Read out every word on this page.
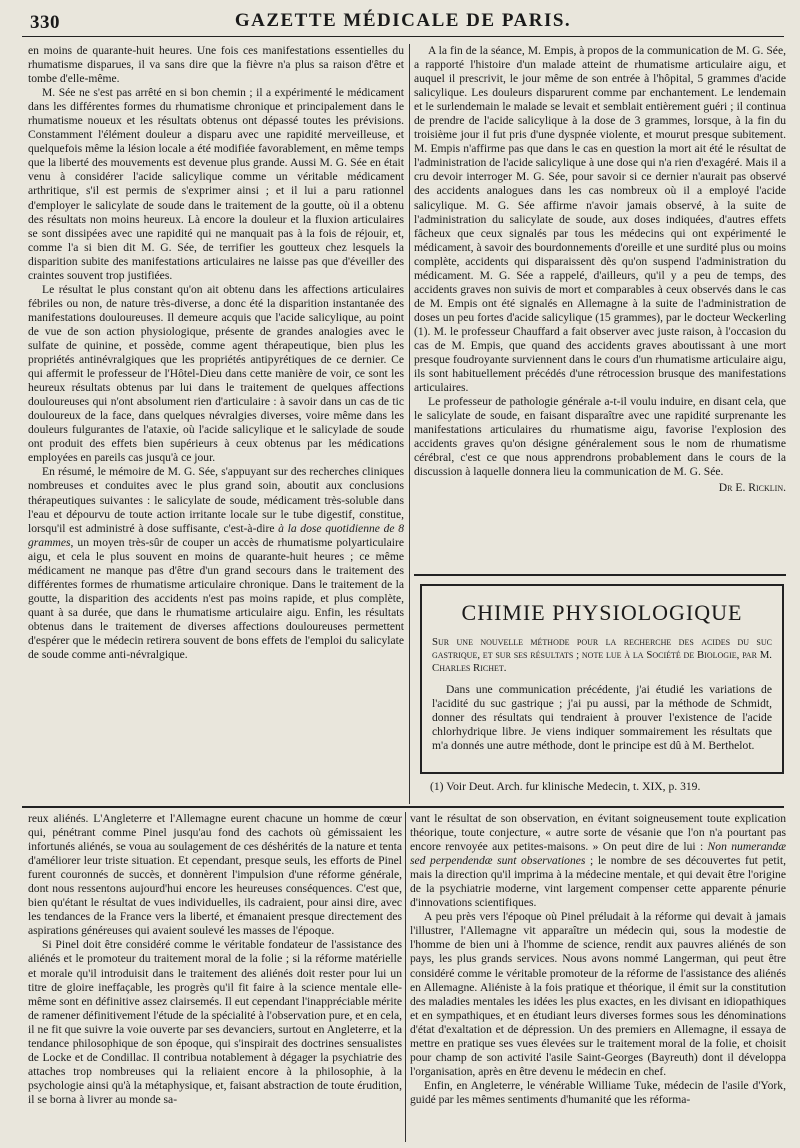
330	GAZETTE MÉDICALE DE PARIS.

en moins de quarante-huit heures. Une fois ces manifestations essentielles du rhumatisme disparues, il va sans dire que la fièvre n'a plus sa raison d'être et tombe d'elle-même.

M. Sée ne s'est pas arrêté en si bon chemin ; il a expérimenté le médicament dans les différentes formes du rhumatisme chronique et principalement dans le rhumatisme noueux et les résultats obtenus ont dépassé toutes les prévisions. Constamment l'élément douleur a disparu avec une rapidité merveilleuse, et quelquefois même la lésion locale a été modifiée favorablement, en même temps que la liberté des mouvements est devenue plus grande. Aussi M. G. Sée en était venu à considérer l'acide salicylique comme un véritable médicament arthritique, s'il est permis de s'exprimer ainsi ; et il lui a paru rationnel d'employer le salicylate de soude dans le traitement de la goutte, où il a obtenu des résultats non moins heureux. Là encore la douleur et la fluxion articulaires se sont dissipées avec une rapidité qui ne manquait pas à la fois de réjouir, et, comme l'a si bien dit M. G. Sée, de terrifier les goutteux chez lesquels la disparition subite des manifestations articulaires ne laisse pas que d'éveiller des craintes souvent trop justifiées.

Le résultat le plus constant qu'on ait obtenu dans les affections articulaires fébriles ou non, de nature très-diverse, a donc été la disparition instantanée des manifestations douloureuses. Il demeure acquis que l'acide salicylique, au point de vue de son action physiologique, présente de grandes analogies avec le sulfate de quinine, et possède, comme agent thérapeutique, bien plus les propriétés antinévralgiques que les propriétés antipyrétiques de ce dernier. Ce qui affermit le professeur de l'Hôtel-Dieu dans cette manière de voir, ce sont les heureux résultats obtenus par lui dans le traitement de quelques affections douloureuses qui n'ont absolument rien d'articulaire : à savoir dans un cas de tic douloureux de la face, dans quelques névralgies diverses, voire même dans les douleurs fulgurantes de l'ataxie, où l'acide salicylique et le salicylade de soude ont produit des effets bien supérieurs à ceux obtenus par les médications employées en pareils cas jusqu'à ce jour.

En résumé, le mémoire de M. G. Sée, s'appuyant sur des recherches cliniques nombreuses et conduites avec le plus grand soin, aboutit aux conclusions thérapeutiques suivantes : le salicylate de soude, médicament très-soluble dans l'eau et dépourvu de toute action irritante locale sur le tube digestif, constitue, lorsqu'il est administré à dose suffisante, c'est-à-dire à la dose quotidienne de 8 grammes, un moyen très-sûr de couper un accès de rhumatisme polyarticulaire aigu, et cela le plus souvent en moins de quarante-huit heures ; ce même médicament ne manque pas d'être d'un grand secours dans le traitement des différentes formes de rhumatisme articulaire chronique. Dans le traitement de la goutte, la disparition des accidents n'est pas moins rapide, et plus complète, quant à sa durée, que dans le rhumatisme articulaire aigu. Enfin, les résultats obtenus dans le traitement de diverses affections douloureuses permettent d'espérer que le médecin retirera souvent de bons effets de l'emploi du salicylate de soude comme anti-névralgique.

A la fin de la séance, M. Empis, à propos de la communication de M. G. Sée, a rapporté l'histoire d'un malade atteint de rhumatisme articulaire aigu, et auquel il prescrivit, le jour même de son entrée à l'hôpital, 5 grammes d'acide salicylique. Les douleurs disparurent comme par enchantement. Le lendemain et le surlendemain le malade se levait et semblait entièrement guéri ; il continua de prendre de l'acide salicylique à la dose de 3 grammes, lorsque, à la fin du troisième jour il fut pris d'une dyspnée violente, et mourut presque subitement. M. Empis n'affirme pas que dans le cas en question la mort ait été le résultat de l'administration de l'acide salicylique à une dose qui n'a rien d'exagéré. Mais il a cru devoir interroger M. G. Sée, pour savoir si ce dernier n'aurait pas observé des accidents analogues dans les cas nombreux où il a employé l'acide salicylique. M. G. Sée affirme n'avoir jamais observé, à la suite de l'administration du salicylate de soude, aux doses indiquées, d'autres effets fâcheux que ceux signalés par tous les médecins qui ont expérimenté le médicament, à savoir des bourdonnements d'oreille et une surdité plus ou moins complète, accidents qui disparaissent dès qu'on suspend l'administration du médicament. M. G. Sée a rappelé, d'ailleurs, qu'il y a peu de temps, des accidents graves non suivis de mort et comparables à ceux observés dans le cas de M. Empis ont été signalés en Allemagne à la suite de l'administration de doses un peu fortes d'acide salicylique (15 grammes), par le docteur Weckerling (1). M. le professeur Chauffard a fait observer avec juste raison, à l'occasion du cas de M. Empis, que quand des accidents graves aboutissant à une mort presque foudroyante surviennent dans le cours d'un rhumatisme articulaire aigu, ils sont habituellement précédés d'une rétrocession brusque des manifestations articulaires.

Le professeur de pathologie générale a-t-il voulu induire, en disant cela, que le salicylate de soude, en faisant disparaître avec une rapidité surprenante les manifestations articulaires du rhumatisme aigu, favorise l'explosion des accidents graves qu'on désigne généralement sous le nom de rhumatisme cérébral, c'est ce que nous apprendrons probablement dans le cours de la discussion à laquelle donnera lieu la communication de M. G. Sée.

Dr E. Ricklin.

CHIMIE PHYSIOLOGIQUE
Sur une nouvelle méthode pour la recherche des acides du suc gastrique, et sur ses résultats ; note lue à la Société de Biologie, par M. Charles Richet.
Dans une communication précédente, j'ai étudié les variations de l'acidité du suc gastrique ; j'ai pu aussi, par la méthode de Schmidt, donner des résultats qui tendraient à prouver l'existence de l'acide chlorhydrique libre. Je viens indiquer sommairement les résultats que m'a donnés une autre méthode, dont le principe est dû à M. Berthelot.
(1) Voir Deut. Arch. fur klinische Medecin, t. XIX, p. 319.

reux aliénés. L'Angleterre et l'Allemagne eurent chacune un homme de cœur qui, pénétrant comme Pinel jusqu'au fond des cachots où gémissaient les infortunés aliénés, se voua au soulagement de ces déshérités de la nature et tenta d'améliorer leur triste situation. Et cependant, presque seuls, les efforts de Pinel furent couronnés de succès, et donnèrent l'impulsion d'une réforme générale, dont nous ressentons aujourd'hui encore les heureuses conséquences. C'est que, bien qu'étant le résultat de vues individuelles, ils cadraient, pour ainsi dire, avec les tendances de la France vers la liberté, et émanaient presque directement des aspirations généreuses qui avaient soulevé les masses de l'époque.

Si Pinel doit être considéré comme le véritable fondateur de l'assistance des aliénés et le promoteur du traitement moral de la folie ; si la réforme matérielle et morale qu'il introduisit dans le traitement des aliénés doit rester pour lui un titre de gloire ineffaçable, les progrès qu'il fit faire à la science mentale elle-même sont en définitive assez clairsemés. Il eut cependant l'inappréciable mérite de ramener définitivement l'étude de la spécialité à l'observation pure, et en cela, il ne fit que suivre la voie ouverte par ses devanciers, surtout en Angleterre, et la tendance philosophique de son époque, qui s'inspirait des doctrines sensualistes de Locke et de Condillac. Il contribua notablement à dégager la psychiatrie des attaches trop nombreuses qui la reliaient encore à la philosophie, à la psychologie ainsi qu'à la métaphysique, et, faisant abstraction de toute érudition, il se borna à livrer au monde sa-

vant le résultat de son observation, en évitant soigneusement toute explication théorique, toute conjecture, « autre sorte de vésanie que l'on n'a pourtant pas encore renvoyée aux petites-maisons. » On peut dire de lui : Non numerandæ sed perpendendæ sunt observationes ; le nombre de ses découvertes fut petit, mais la direction qu'il imprima à la médecine mentale, et qui devait être l'origine de la psychiatrie moderne, vint largement compenser cette apparente pénurie d'innovations scientifiques.

A peu près vers l'époque où Pinel préludait à la réforme qui devait à jamais l'illustrer, l'Allemagne vit apparaître un médecin qui, sous la modestie de l'homme de bien uni à l'homme de science, rendit aux pauvres aliénés de son pays, les plus grands services. Nous avons nommé Langerman, qui peut être considéré comme le véritable promoteur de la réforme de l'assistance des aliénés en Allemagne. Aliéniste à la fois pratique et théorique, il émit sur la constitution des maladies mentales les idées les plus exactes, en les divisant en idiopathiques et en sympathiques, et en étudiant leurs diverses formes sous les dénominations d'état d'exaltation et de dépression. Un des premiers en Allemagne, il essaya de mettre en pratique ses vues élevées sur le traitement moral de la folie, et choisit pour champ de son activité l'asile Saint-Georges (Bayreuth) dont il développa l'organisation, après en être devenu le médecin en chef.

Enfin, en Angleterre, le vénérable Williame Tuke, médecin de l'asile d'York, guidé par les mêmes sentiments d'humanité que les réforma-
